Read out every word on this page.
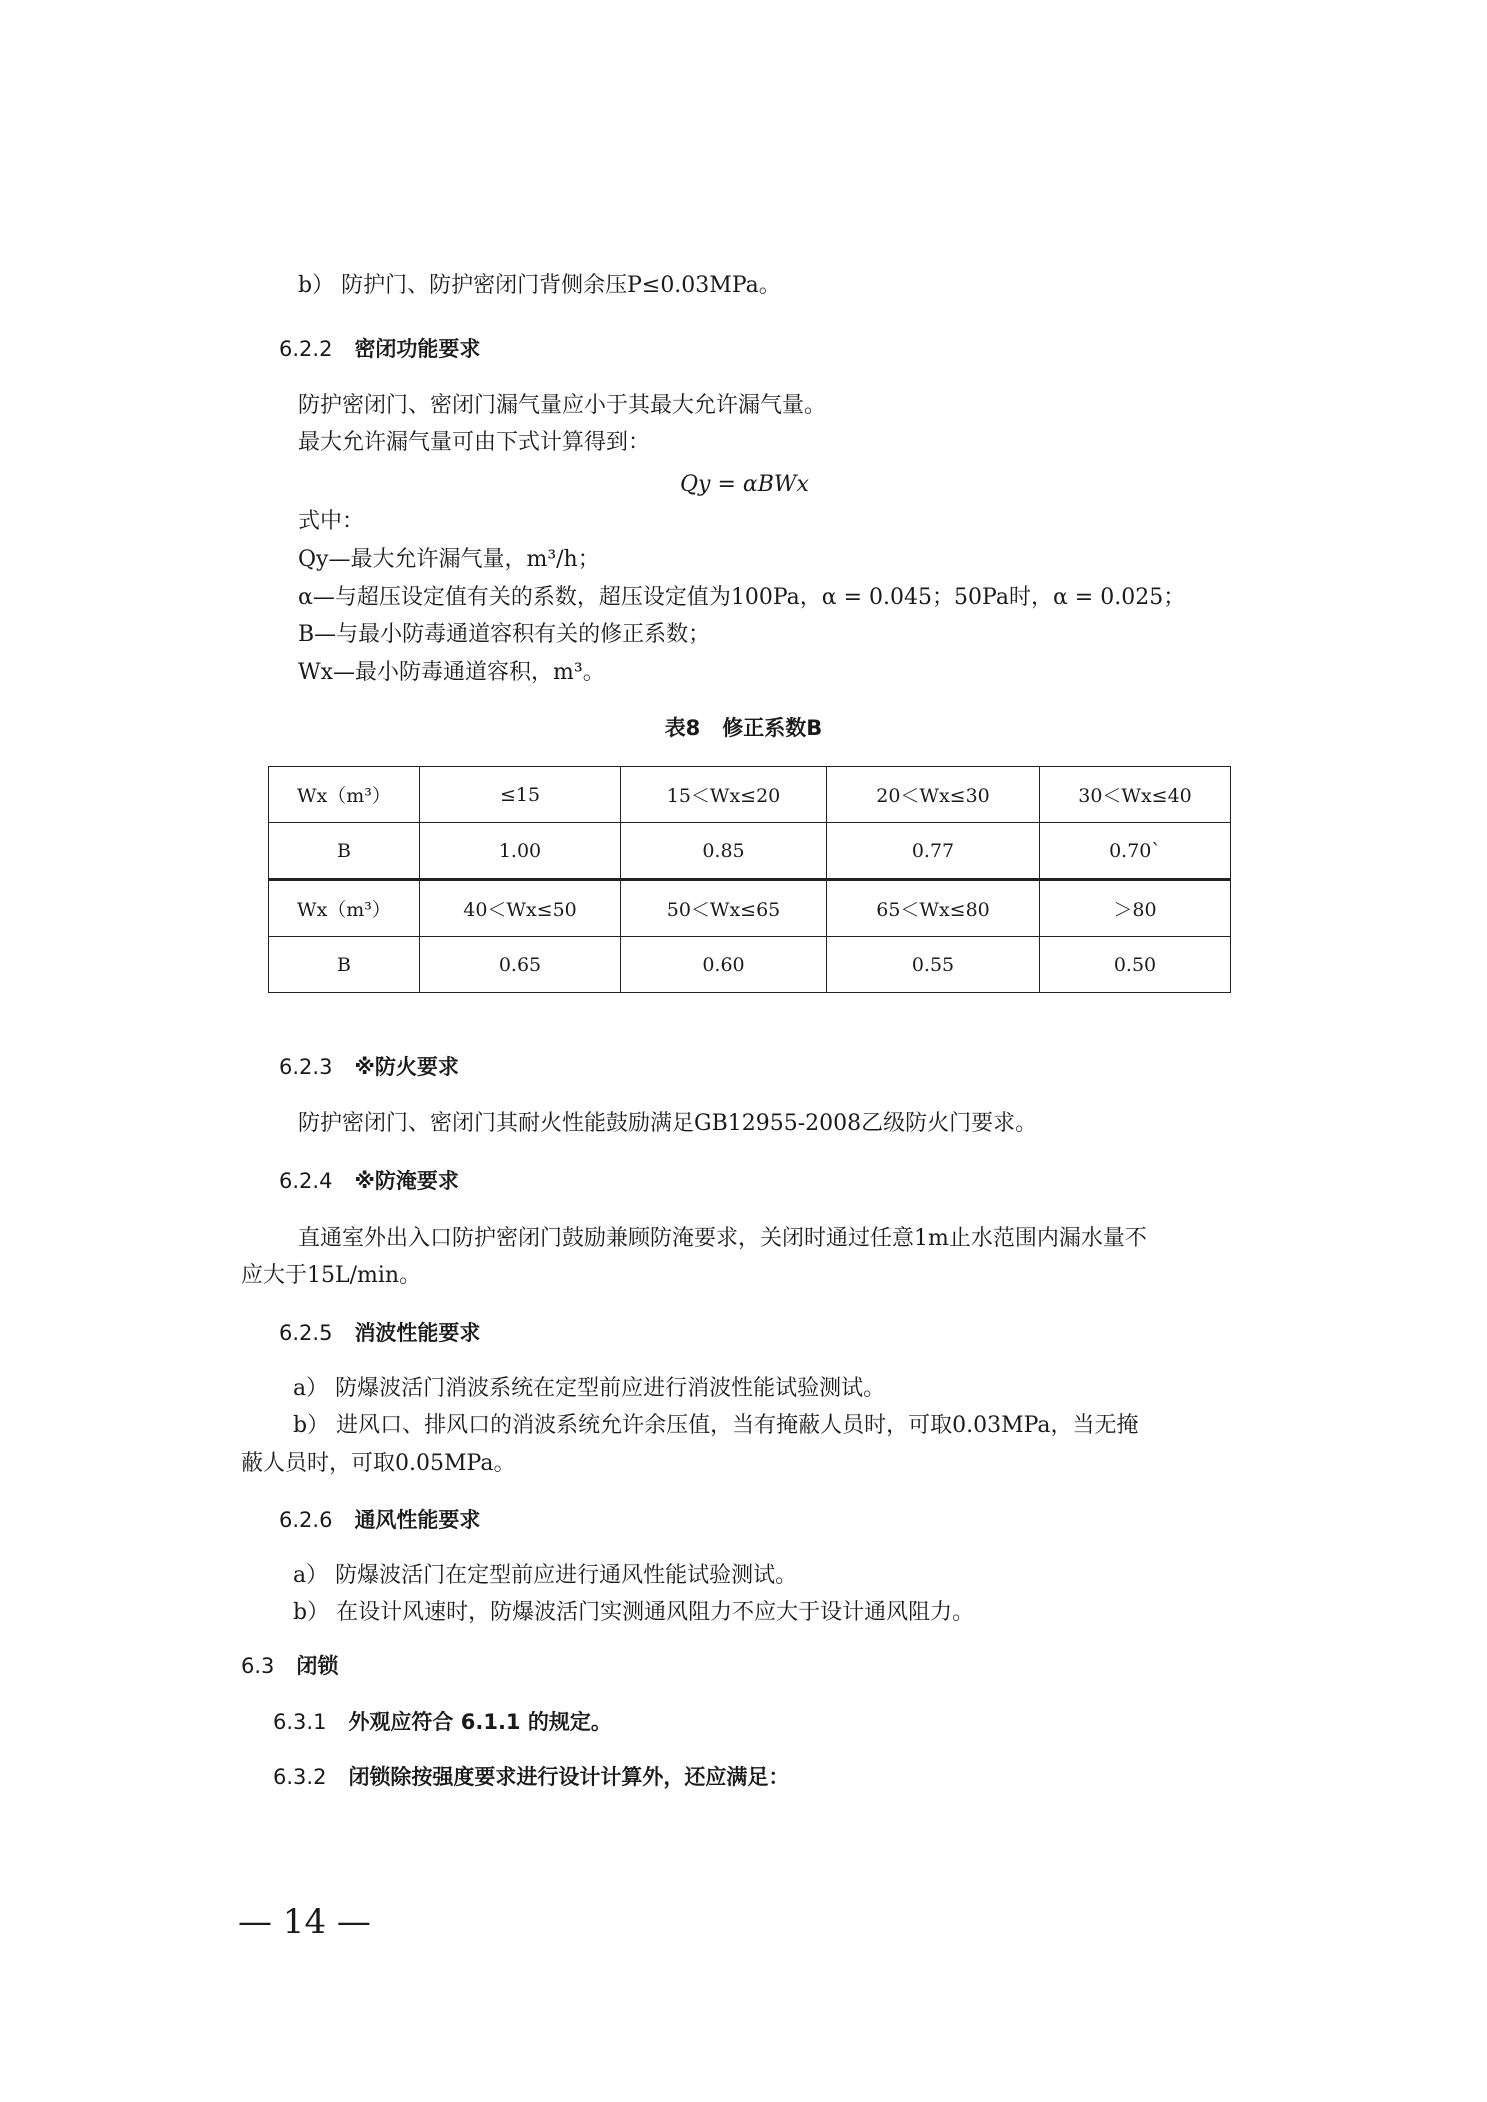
b） 防护门、防护密闭门背侧余压P≤0.03MPa。
6.2.2 密闭功能要求
防护密闭门、密闭门漏气量应小于其最大允许漏气量。
最大允许漏气量可由下式计算得到：
Qy = αBWx
式中：
Qy—最大允许漏气量，m³/h；
α—与超压设定值有关的系数，超压设定值为100Pa，α = 0.045；50Pa时，α = 0.025；
B—与最小防毒通道容积有关的修正系数；
Wx—最小防毒通道容积，m³。
表8 修正系数B
Wx（m³）	≤15	15＜Wx≤20	20＜Wx≤30	30＜Wx≤40
B	1.00	0.85	0.77	0.70`
Wx（m³）	40＜Wx≤50	50＜Wx≤65	65＜Wx≤80	＞80
B	0.65	0.60	0.55	0.50
6.2.3 ※防火要求
防护密闭门、密闭门其耐火性能鼓励满足GB12955-2008乙级防火门要求。
6.2.4 ※防淹要求
直通室外出入口防护密闭门鼓励兼顾防淹要求，关闭时通过任意1m止水范围内漏水量不
应大于15L/min。
6.2.5 消波性能要求
a） 防爆波活门消波系统在定型前应进行消波性能试验测试。
b） 进风口、排风口的消波系统允许余压值，当有掩蔽人员时，可取0.03MPa，当无掩
蔽人员时，可取0.05MPa。
6.2.6 通风性能要求
a） 防爆波活门在定型前应进行通风性能试验测试。
b） 在设计风速时，防爆波活门实测通风阻力不应大于设计通风阻力。
6.3 闭锁
6.3.1 外观应符合 6.1.1 的规定。
6.3.2 闭锁除按强度要求进行设计计算外，还应满足：
— 14 —
